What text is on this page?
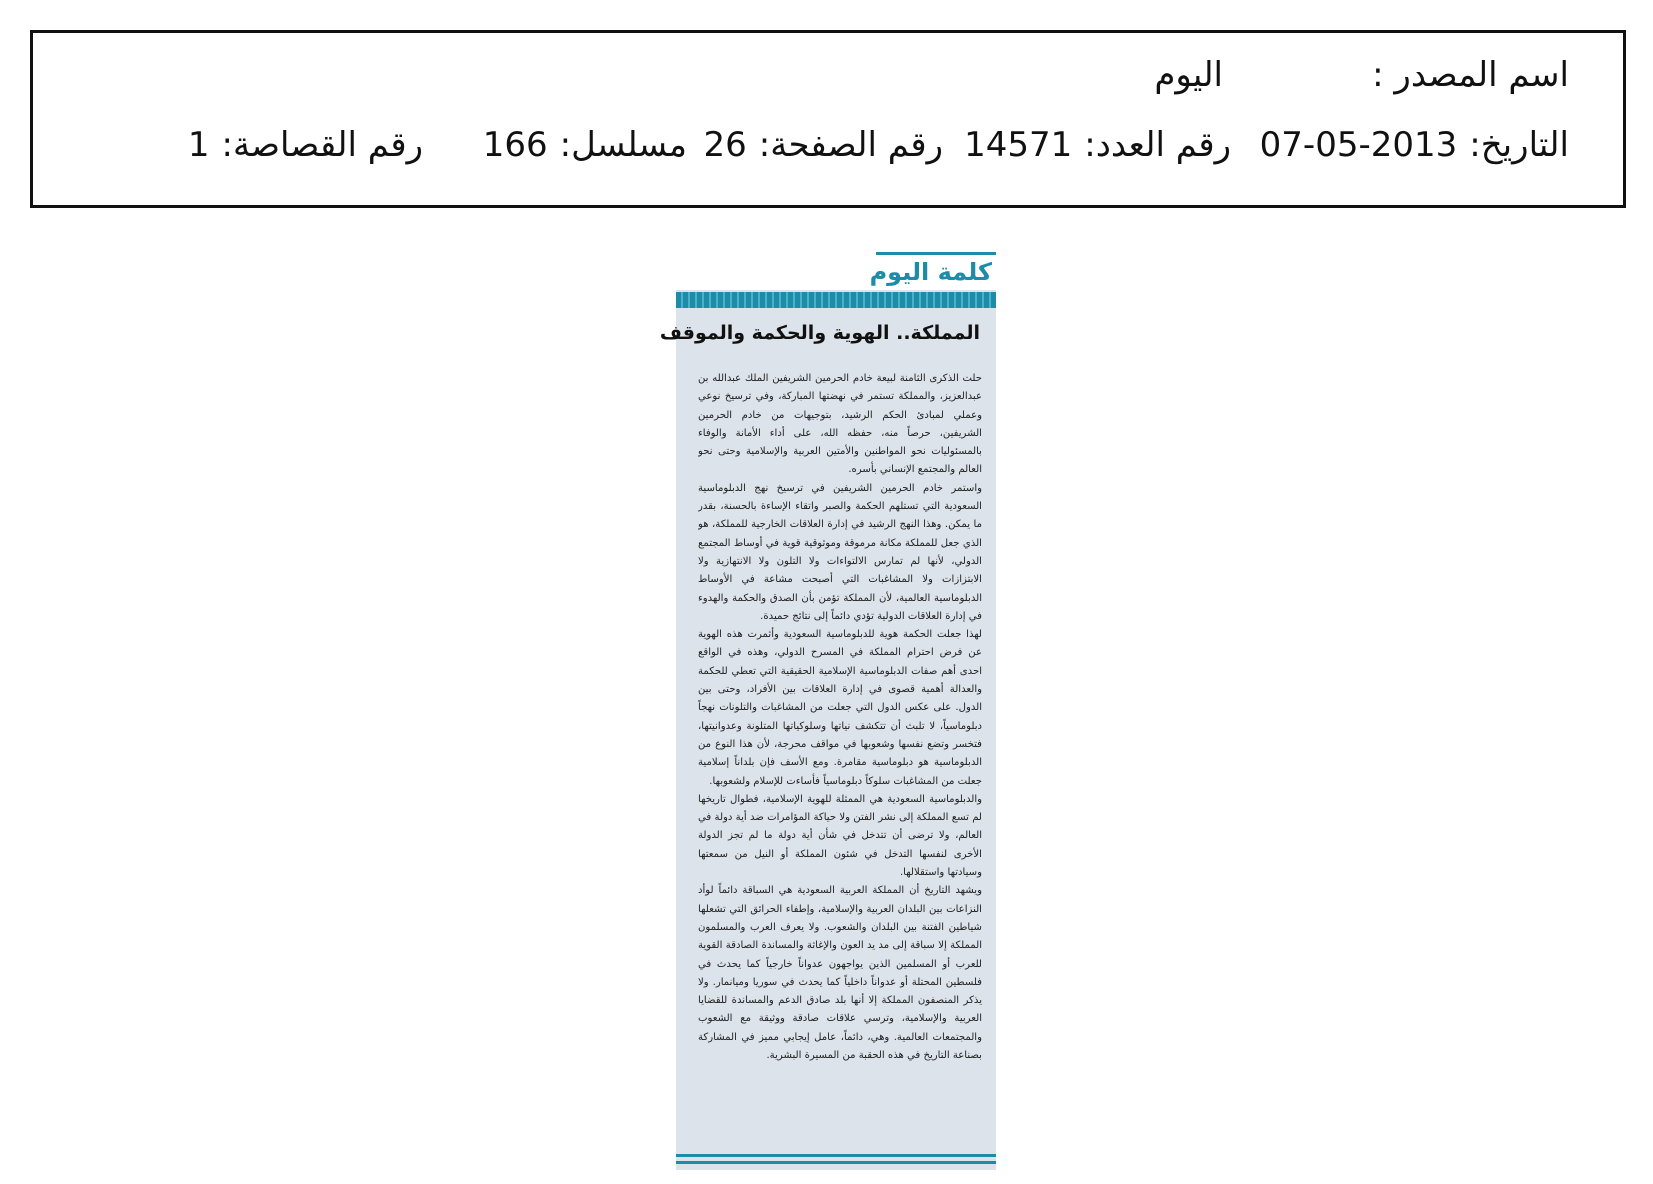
اسم المصدر :
اليوم
التاريخ:2013-05-07
رقم العدد:14571
رقم الصفحة:26
مسلسل:166
رقم القصاصة:1
كلمة اليوم
المملكة.. الهوية والحكمة والموقف

حلت الذكرى الثامنة لبيعة خادم الحرمين الشريفين الملك عبدالله بن عبدالعزيز، والمملكة تستمر في نهضتها المباركة، وفي ترسيخ نوعي وعملي لمبادئ الحكم الرشيد، بتوجيهات من خادم الحرمين الشريفين، حرصاً منه، حفظه الله، على أداء الأمانة والوفاء بالمسئوليات نحو المواطنين والأمتين العربية والإسلامية وحتى نحو العالم والمجتمع الإنساني بأسره.

واستمر خادم الحرمين الشريفين في ترسيخ نهج الدبلوماسية السعودية التي تستلهم الحكمة والصبر واتقاء الإساءة بالحسنة، بقدر ما يمكن. وهذا النهج الرشيد في إدارة العلاقات الخارجية للمملكة، هو الذي جعل للمملكة مكانة مرموقة وموثوقية قوية في أوساط المجتمع الدولي، لأنها لم تمارس الالتواءات ولا التلون ولا الانتهازية ولا الابتزازات ولا المشاغبات التي أصبحت مشاعة في الأوساط الدبلوماسية العالمية، لأن المملكة تؤمن بأن الصدق والحكمة والهدوء في إدارة العلاقات الدولية تؤدي دائماً إلى نتائج حميدة.

لهذا جعلت الحكمة هوية للدبلوماسية السعودية وأثمرت هذه الهوية عن فرض احترام المملكة في المسرح الدولي، وهذه في الواقع احدى أهم صفات الدبلوماسية الإسلامية الحقيقية التي تعطي للحكمة والعدالة أهمية قصوى في إدارة العلاقات بين الأفراد، وحتى بين الدول. على عكس الدول التي جعلت من المشاغبات والتلونات نهجاً دبلوماسياً، لا تلبث أن تتكشف نياتها وسلوكياتها المتلونة وعدوانيتها، فتخسر وتضع نفسها وشعوبها في مواقف محرجة، لأن هذا النوع من الدبلوماسية هو دبلوماسية مقامرة. ومع الأسف فإن بلداناً إسلامية جعلت من المشاغبات سلوكاً دبلوماسياً فأساءت للإسلام ولشعوبها.

والدبلوماسية السعودية هي الممثلة للهوية الإسلامية، فطوال تاريخها لم تسع المملكة إلى نشر الفتن ولا حياكة المؤامرات ضد أية دولة في العالم، ولا ترضى أن تتدخل في شأن أية دولة ما لم تجز الدولة الأخرى لنفسها التدخل في شئون المملكة أو النيل من سمعتها وسيادتها واستقلالها.

ويشهد التاريخ أن المملكة العربية السعودية هي السباقة دائماً لوأد النزاعات بين البلدان العربية والإسلامية، وإطفاء الحرائق التي تشعلها شياطين الفتنة بين البلدان والشعوب. ولا يعرف العرب والمسلمون المملكة إلا سباقة إلى مد يد العون والإغاثة والمساندة الصادقة القوية للعرب أو المسلمين الذين يواجهون عدواناً خارجياً كما يحدث في فلسطين المحتلة أو عدواناً داخلياً كما يحدث في سوريا وميانمار. ولا يذكر المنصفون المملكة إلا أنها بلد صادق الدعم والمساندة للقضايا العربية والإسلامية، وترسي علاقات صادقة ووثيقة مع الشعوب والمجتمعات العالمية. وهي، دائماً، عامل إيجابي مميز في المشاركة بصناعة التاريخ في هذه الحقبة من المسيرة البشرية.
